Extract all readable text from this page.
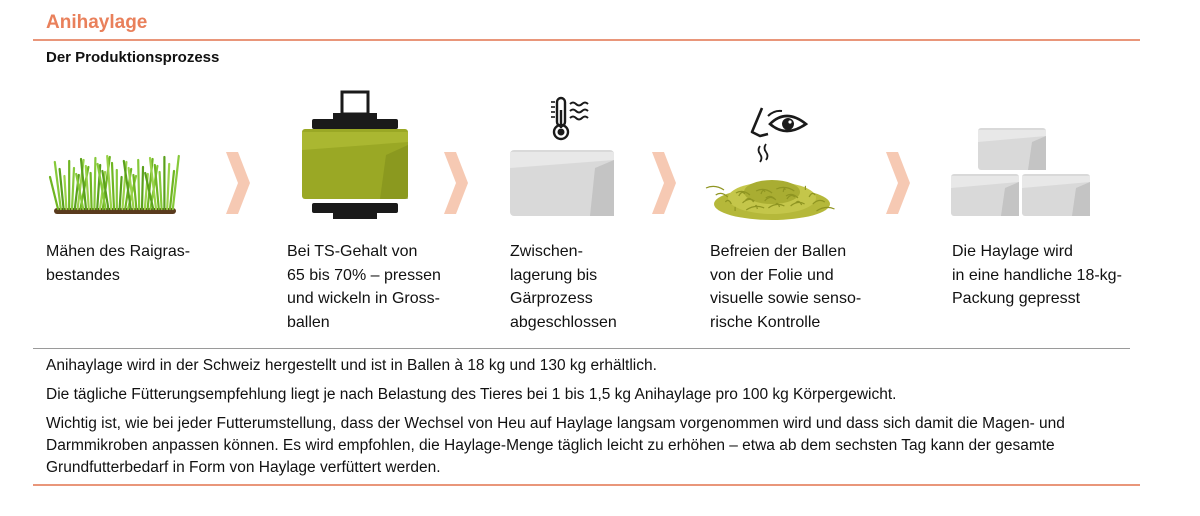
Anihaylage
Der Produktionsprozess
Mähen des Raigras-
bestandes
Bei TS-Gehalt von
65 bis 70% – pressen
und wickeln in Gross-
ballen
Zwischen-
lagerung bis
Gärprozess
abgeschlossen
Befreien der Ballen
von der Folie und
visuelle sowie senso-
rische Kontrolle
Die Haylage wird
in eine handliche 18-kg-
Packung gepresst

Anihaylage wird in der Schweiz hergestellt und ist in Ballen à 18 kg und 130 kg erhältlich.

Die tägliche Fütterungsempfehlung liegt je nach Belastung des Tieres bei 1 bis 1,5 kg Anihaylage pro 100 kg Körpergewicht.

Wichtig ist, wie bei jeder Futterumstellung, dass der Wechsel von Heu auf Haylage langsam vorgenommen wird und dass sich damit die Magen- und Darmmikroben anpassen können. Es wird empfohlen, die Haylage-Menge täglich leicht zu erhöhen – etwa ab dem sechsten Tag kann der gesamte Grundfutterbedarf in Form von Haylage verfüttert werden.
